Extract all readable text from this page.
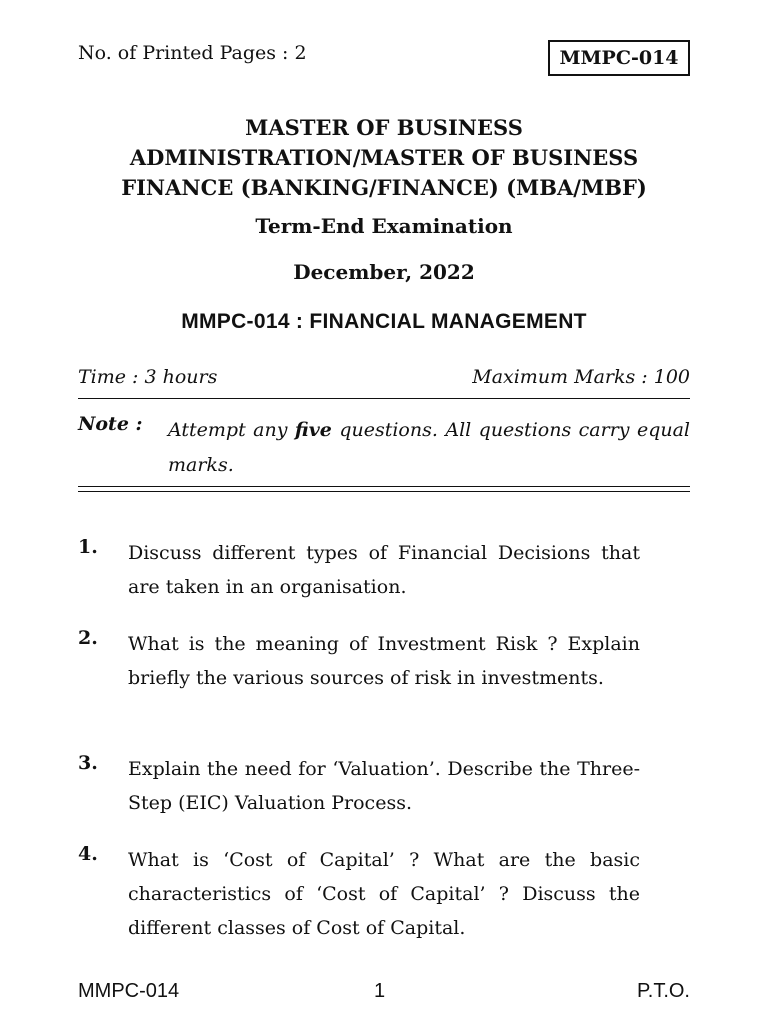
No. of Printed Pages : 2	MMPC-014
MASTER OF BUSINESS
ADMINISTRATION/MASTER OF BUSINESS
FINANCE (BANKING/FINANCE) (MBA/MBF)
Term-End Examination
December, 2022
MMPC-014 : FINANCIAL MANAGEMENT
Time : 3 hours	Maximum Marks : 100
Note : Attempt any five questions. All questions carry equal marks.
1. Discuss different types of Financial Decisions that are taken in an organisation.
2. What is the meaning of Investment Risk ? Explain briefly the various sources of risk in investments.
3. Explain the need for ‘Valuation’. Describe the Three-Step (EIC) Valuation Process.
4. What is ‘Cost of Capital’ ? What are the basic characteristics of ‘Cost of Capital’ ? Discuss the different classes of Cost of Capital.
MMPC-014	1	P.T.O.
